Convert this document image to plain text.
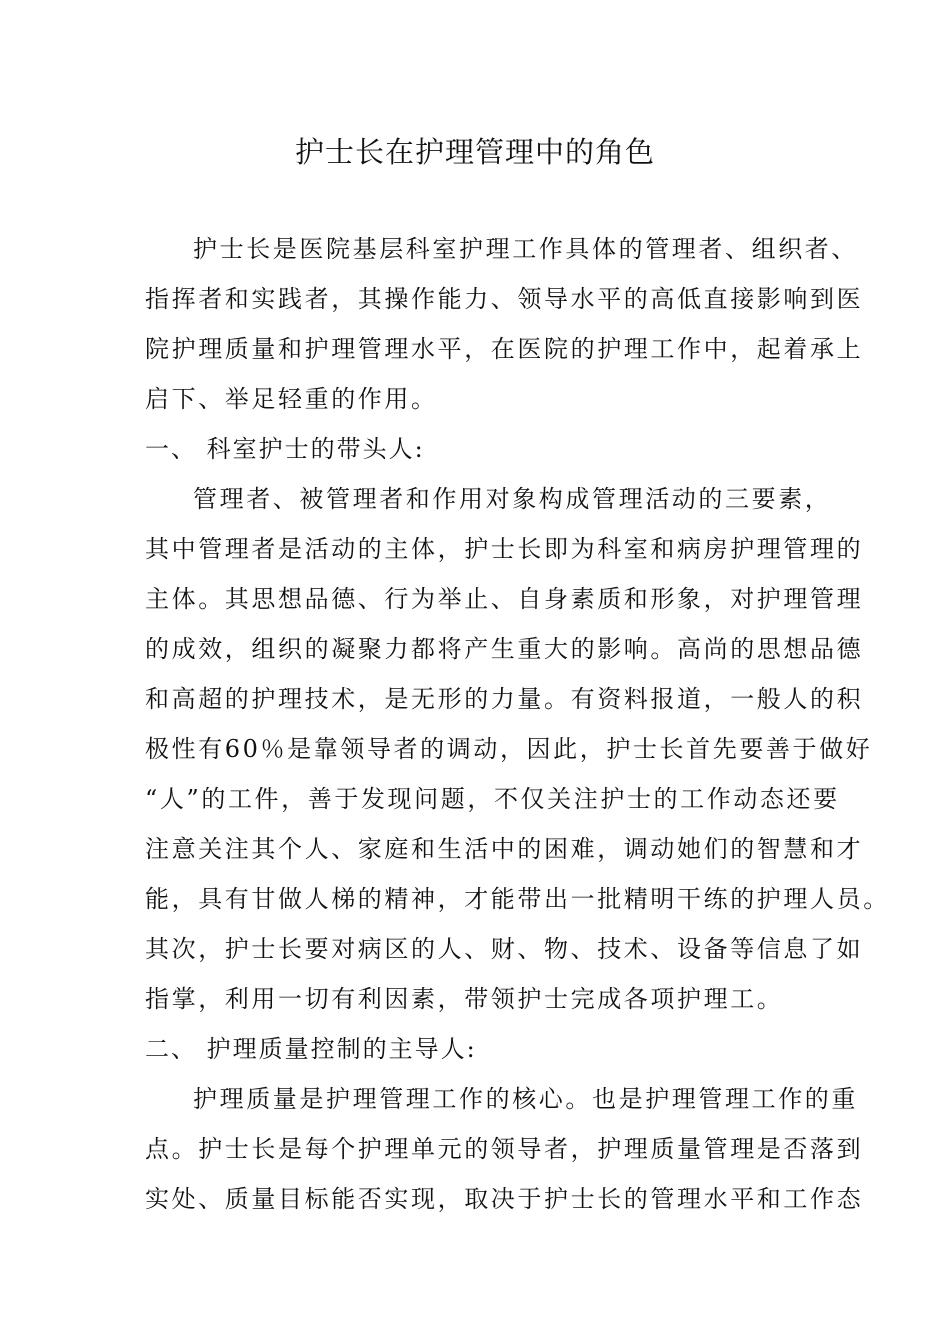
护士长在护理管理中的角色
护士长是医院基层科室护理工作具体的管理者、组织者、
指挥者和实践者，其操作能力、领导水平的高低直接影响到医
院护理质量和护理管理水平，在医院的护理工作中，起着承上
启下、举足轻重的作用。
一、 科室护士的带头人:
管理者、被管理者和作用对象构成管理活动的三要素，
其中管理者是活动的主体，护士长即为科室和病房护理管理的
主体。其思想品德、行为举止、自身素质和形象，对护理管理
的成效，组织的凝聚力都将产生重大的影响。高尚的思想品德
和高超的护理技术，是无形的力量。有资料报道，一般人的积
极性有60％是靠领导者的调动，因此，护士长首先要善于做好
“人”的工件，善于发现问题，不仅关注护士的工作动态还要
注意关注其个人、家庭和生活中的困难，调动她们的智慧和才
能，具有甘做人梯的精神，才能带出一批精明干练的护理人员。
其次，护士长要对病区的人、财、物、技术、设备等信息了如
指掌，利用一切有利因素，带领护士完成各项护理工。
二、 护理质量控制的主导人:
护理质量是护理管理工作的核心。也是护理管理工作的重
点。护士长是每个护理单元的领导者，护理质量管理是否落到
实处、质量目标能否实现，取决于护士长的管理水平和工作态
